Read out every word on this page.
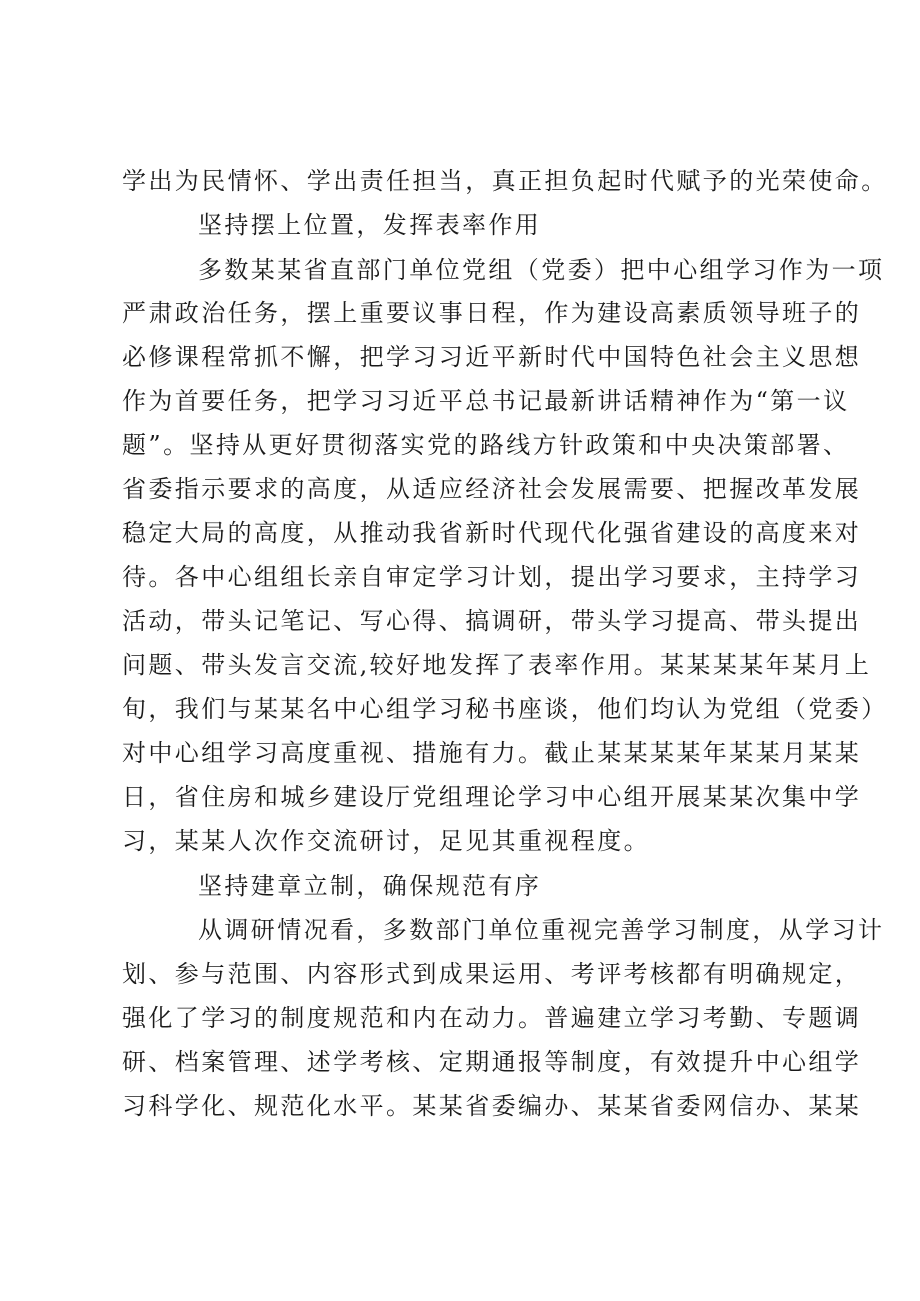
学出为民情怀、学出责任担当，真正担负起时代赋予的光荣使命。
坚持摆上位置，发挥表率作用
多数某某省直部门单位党组（党委）把中心组学习作为一项
严肃政治任务，摆上重要议事日程，作为建设高素质领导班子的
必修课程常抓不懈，把学习习近平新时代中国特色社会主义思想
作为首要任务，把学习习近平总书记最新讲话精神作为“第一议
题”。坚持从更好贯彻落实党的路线方针政策和中央决策部署、
省委指示要求的高度，从适应经济社会发展需要、把握改革发展
稳定大局的高度，从推动我省新时代现代化强省建设的高度来对
待。各中心组组长亲自审定学习计划，提出学习要求，主持学习
活动，带头记笔记、写心得、搞调研，带头学习提高、带头提出
问题、带头发言交流,较好地发挥了表率作用。某某某某年某月上
旬，我们与某某名中心组学习秘书座谈，他们均认为党组（党委）
对中心组学习高度重视、措施有力。截止某某某某年某某月某某
日，省住房和城乡建设厅党组理论学习中心组开展某某次集中学
习，某某人次作交流研讨，足见其重视程度。
坚持建章立制，确保规范有序
从调研情况看，多数部门单位重视完善学习制度，从学习计
划、参与范围、内容形式到成果运用、考评考核都有明确规定，
强化了学习的制度规范和内在动力。普遍建立学习考勤、专题调
研、档案管理、述学考核、定期通报等制度，有效提升中心组学
习科学化、规范化水平。某某省委编办、某某省委网信办、某某
